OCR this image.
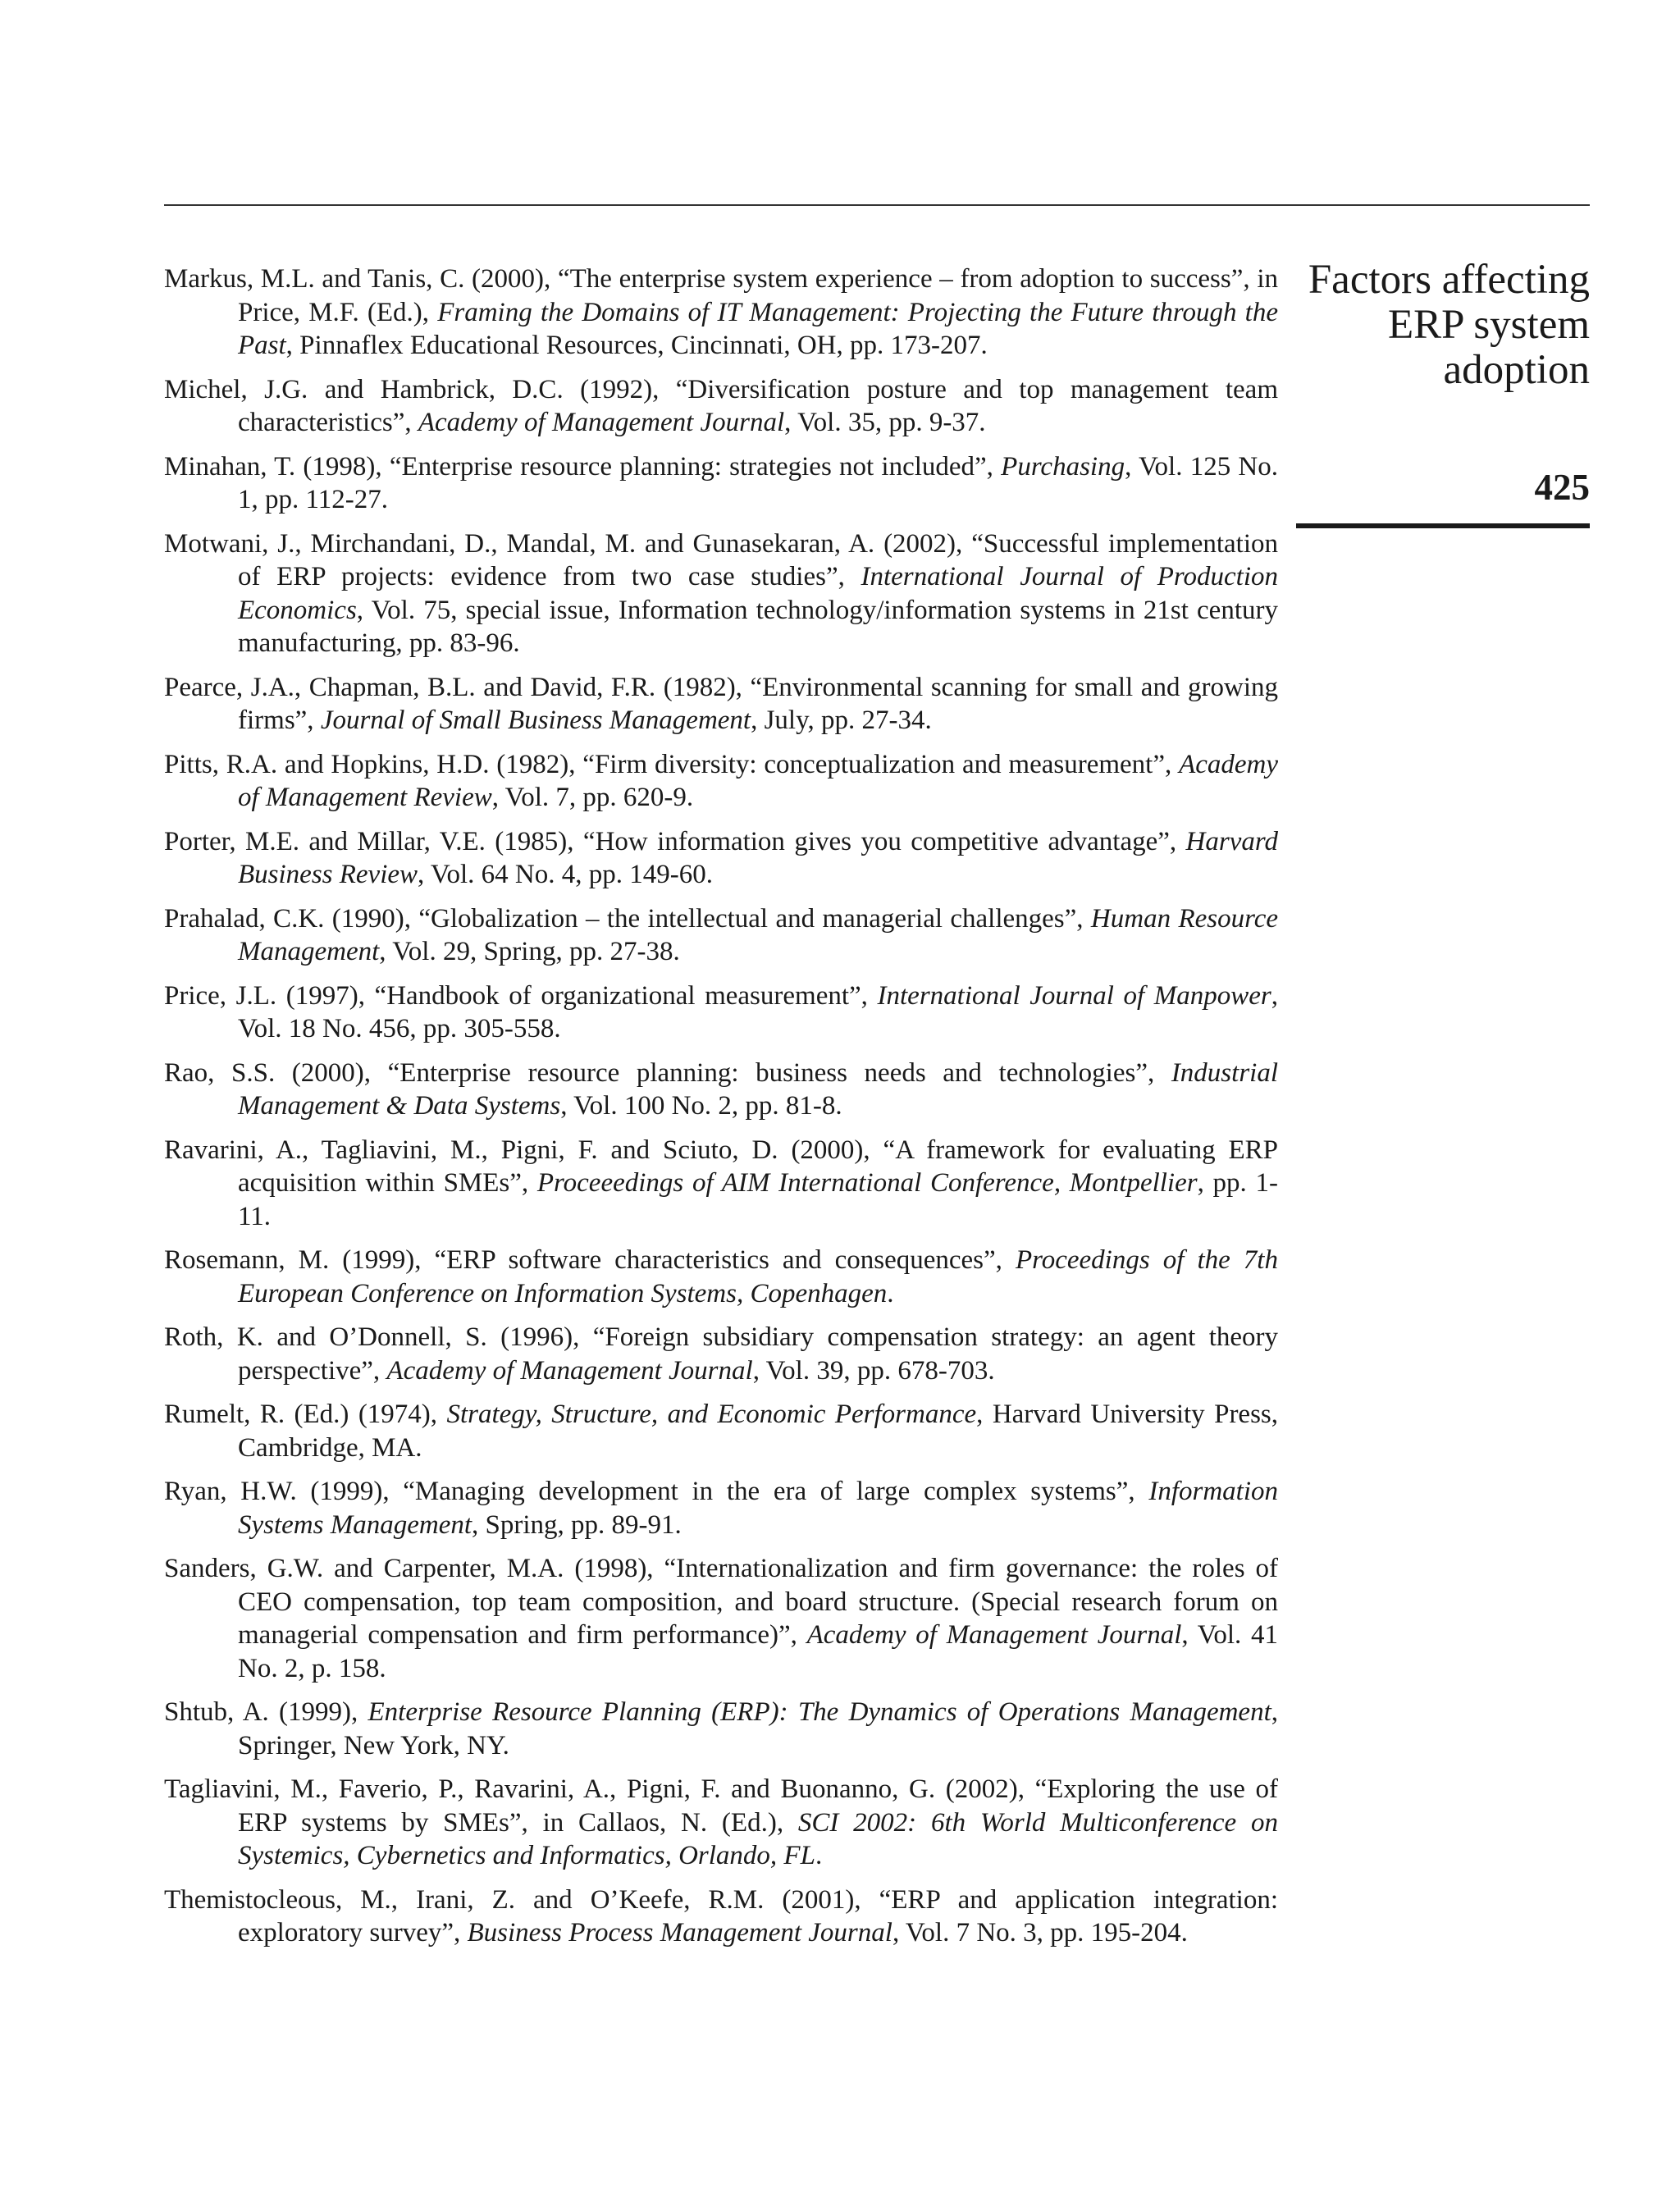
Factors affecting
ERP system
adoption
425
Markus, M.L. and Tanis, C. (2000), “The enterprise system experience – from adoption to success”, in Price, M.F. (Ed.), Framing the Domains of IT Management: Projecting the Future through the Past, Pinnaflex Educational Resources, Cincinnati, OH, pp. 173-207.
Michel, J.G. and Hambrick, D.C. (1992), “Diversification posture and top management team characteristics”, Academy of Management Journal, Vol. 35, pp. 9-37.
Minahan, T. (1998), “Enterprise resource planning: strategies not included”, Purchasing, Vol. 125 No. 1, pp. 112-27.
Motwani, J., Mirchandani, D., Mandal, M. and Gunasekaran, A. (2002), “Successful implementation of ERP projects: evidence from two case studies”, International Journal of Production Economics, Vol. 75, special issue, Information technology/information systems in 21st century manufacturing, pp. 83-96.
Pearce, J.A., Chapman, B.L. and David, F.R. (1982), “Environmental scanning for small and growing firms”, Journal of Small Business Management, July, pp. 27-34.
Pitts, R.A. and Hopkins, H.D. (1982), “Firm diversity: conceptualization and measurement”, Academy of Management Review, Vol. 7, pp. 620-9.
Porter, M.E. and Millar, V.E. (1985), “How information gives you competitive advantage”, Harvard Business Review, Vol. 64 No. 4, pp. 149-60.
Prahalad, C.K. (1990), “Globalization – the intellectual and managerial challenges”, Human Resource Management, Vol. 29, Spring, pp. 27-38.
Price, J.L. (1997), “Handbook of organizational measurement”, International Journal of Manpower, Vol. 18 No. 456, pp. 305-558.
Rao, S.S. (2000), “Enterprise resource planning: business needs and technologies”, Industrial Management & Data Systems, Vol. 100 No. 2, pp. 81-8.
Ravarini, A., Tagliavini, M., Pigni, F. and Sciuto, D. (2000), “A framework for evaluating ERP acquisition within SMEs”, Proceeedings of AIM International Conference, Montpellier, pp. 1-11.
Rosemann, M. (1999), “ERP software characteristics and consequences”, Proceedings of the 7th European Conference on Information Systems, Copenhagen.
Roth, K. and O’Donnell, S. (1996), “Foreign subsidiary compensation strategy: an agent theory perspective”, Academy of Management Journal, Vol. 39, pp. 678-703.
Rumelt, R. (Ed.) (1974), Strategy, Structure, and Economic Performance, Harvard University Press, Cambridge, MA.
Ryan, H.W. (1999), “Managing development in the era of large complex systems”, Information Systems Management, Spring, pp. 89-91.
Sanders, G.W. and Carpenter, M.A. (1998), “Internationalization and firm governance: the roles of CEO compensation, top team composition, and board structure. (Special research forum on managerial compensation and firm performance)”, Academy of Management Journal, Vol. 41 No. 2, p. 158.
Shtub, A. (1999), Enterprise Resource Planning (ERP): The Dynamics of Operations Management, Springer, New York, NY.
Tagliavini, M., Faverio, P., Ravarini, A., Pigni, F. and Buonanno, G. (2002), “Exploring the use of ERP systems by SMEs”, in Callaos, N. (Ed.), SCI 2002: 6th World Multiconference on Systemics, Cybernetics and Informatics, Orlando, FL.
Themistocleous, M., Irani, Z. and O’Keefe, R.M. (2001), “ERP and application integration: exploratory survey”, Business Process Management Journal, Vol. 7 No. 3, pp. 195-204.
